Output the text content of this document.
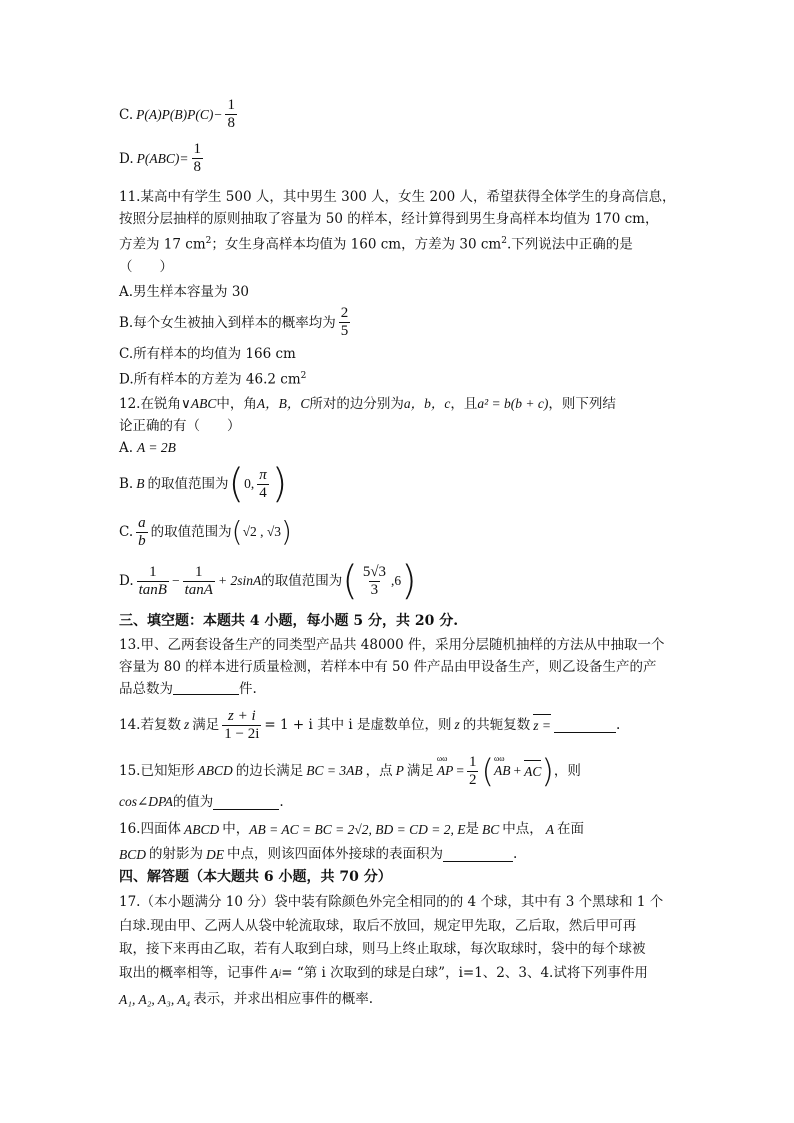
C. $P(A)P(B)P(C)- \frac{1}{8}$
D. $P(ABC)= \frac{1}{8}$
11.某高中有学生 500 人，其中男生 300 人，女生 200 人，希望获得全体学生的身高信息，
按照分层抽样的原则抽取了容量为 50 的样本，经计算得到男生身高样本均值为 170 cm，
方差为 17 $cm^2$；女生身高样本均值为 160 cm，方差为 30 $cm^2$.下列说法中正确的是
（　　）
A.男生样本容量为 30
B.每个女生被抽入到样本的概率均为 $\frac{2}{5}$
C.所有样本的均值为 166 cm
D.所有样本的方差为 46.2 $cm^2$
12.在锐角 ∨ABC 中，角 A，B，C 所对的边分别为 a，b，c ，且 a² = b(b + c) ，则下列结
论正确的有（　　）
A. A = 2B
B. B 的取值范围为 ( 0, $\frac{\pi}{4}$ )
C. $\frac{a}{b}$ 的取值范围为 ( √2 , √3 )
D. $\frac{1}{\tan B} - \frac{1}{\tan A} + 2\sin A$ 的取值范围为 ( $\frac{5√3}{3} ,6$ )
三、填空题：本题共 4 小题，每小题 5 分，共 20 分.
13.甲、乙两套设备生产的同类型产品共 48000 件，采用分层随机抽样的方法从中抽取一个
容量为 80 的样本进行质量检测，若样本中有 50 件产品由甲设备生产，则乙设备生产的产
品总数为	件.
14.若复数 z 满足 $\frac{z + i}{1 - 2i} = 1 + i$ 其中 i 是虚数单位，则 z 的共轭复数 z =	.
15.已知矩形 ABCD 的边长满足 BC = 3AB ，点 P 满足
ωω
AP = $\frac{1}{2}$ ( ωω
AB + AC ) ，则
cos∠DPA 的值为	.
16.四面体 ABCD 中， AB = AC = BC = 2√2, BD = CD = 2, E 是 BC 中点， A 在面
BCD 的射影为 DE 中点，则该四面体外接球的表面积为	.
四、解答题（本大题共 6 小题，共 70 分）
17.（本小题满分 10 分）袋中装有除颜色外完全相同的的 4 个球，其中有 3 个黑球和 1 个
白球.现由甲、乙两人从袋中轮流取球，取后不放回，规定甲先取，乙后取，然后甲可再
取，接下来再由乙取，若有人取到白球，则马上终止取球，每次取球时，袋中的每个球被
取出的概率相等，记事件 A i = “第 i 次取到的球是白球”，i=1、2、3、4.试将下列事件用
A₁, A₂, A₃, A₄ 表示，并求出相应事件的概率.
